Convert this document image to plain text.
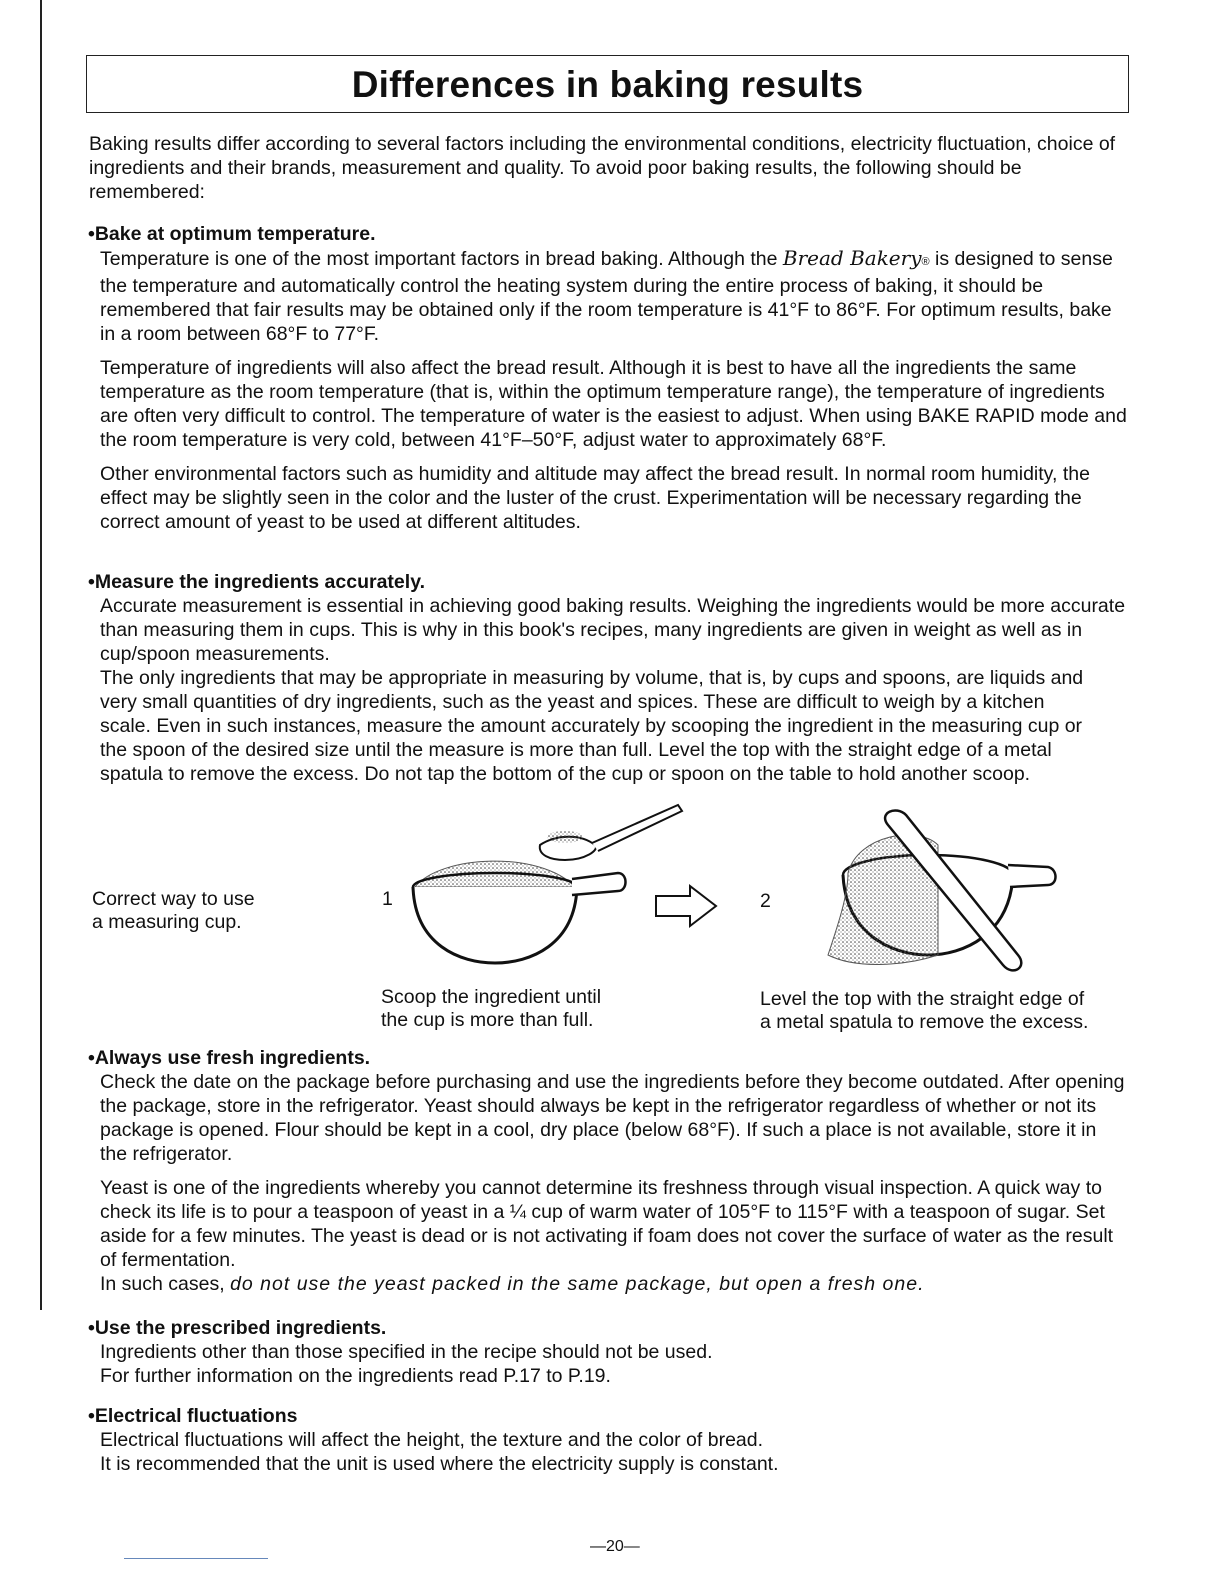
Differences in baking results
Baking results differ according to several factors including the environmental conditions, electricity fluctuation, choice of ingredients and their brands, measurement and quality. To avoid poor baking results, the following should be remembered:

•Bake at optimum temperature.

Temperature is one of the most important factors in bread baking. Although the Bread Bakery® is designed to sense the temperature and automatically control the heating system during the entire process of baking, it should be remembered that fair results may be obtained only if the room temperature is 41°F to 86°F. For optimum results, bake in a room between 68°F to 77°F.

Temperature of ingredients will also affect the bread result. Although it is best to have all the ingredients the same temperature as the room temperature (that is, within the optimum temperature range), the temperature of ingredients are often very difficult to control. The temperature of water is the easiest to adjust. When using BAKE RAPID mode and the room temperature is very cold, between 41°F–50°F, adjust water to approximately 68°F.

Other environmental factors such as humidity and altitude may affect the bread result. In normal room humidity, the effect may be slightly seen in the color and the luster of the crust. Experimentation will be necessary regarding the correct amount of yeast to be used at different altitudes.

•Measure the ingredients accurately.

Accurate measurement is essential in achieving good baking results. Weighing the ingredients would be more accurate than measuring them in cups. This is why in this book's recipes, many ingredients are given in weight as well as in cup/spoon measurements.

The only ingredients that may be appropriate in measuring by volume, that is, by cups and spoons, are liquids and very small quantities of dry ingredients, such as the yeast and spices. These are difficult to weigh by a kitchen scale. Even in such instances, measure the amount accurately by scooping the ingredient in the measuring cup or the spoon of the desired size until the measure is more than full. Level the top with the straight edge of a metal spatula to remove the excess. Do not tap the bottom of the cup or spoon on the table to hold another scoop.

Correct way to use
a measuring cup.
1	2
Scoop the ingredient until
the cup is more than full.
Level the top with the straight edge of
a metal spatula to remove the excess.

•Always use fresh ingredients.

Check the date on the package before purchasing and use the ingredients before they become outdated. After opening the package, store in the refrigerator. Yeast should always be kept in the refrigerator regardless of whether or not its package is opened. Flour should be kept in a cool, dry place (below 68°F). If such a place is not available, store it in the refrigerator.

Yeast is one of the ingredients whereby you cannot determine its freshness through visual inspection. A quick way to check its life is to pour a teaspoon of yeast in a ¼ cup of warm water of 105°F to 115°F with a teaspoon of sugar. Set aside for a few minutes. The yeast is dead or is not activating if foam does not cover the surface of water as the result of fermentation.

In such cases, do not use the yeast packed in the same package, but open a fresh one.

•Use the prescribed ingredients.

Ingredients other than those specified in the recipe should not be used.

For further information on the ingredients read P.17 to P.19.

•Electrical fluctuations

Electrical fluctuations will affect the height, the texture and the color of bread.

It is recommended that the unit is used where the electricity supply is constant.

—20—
